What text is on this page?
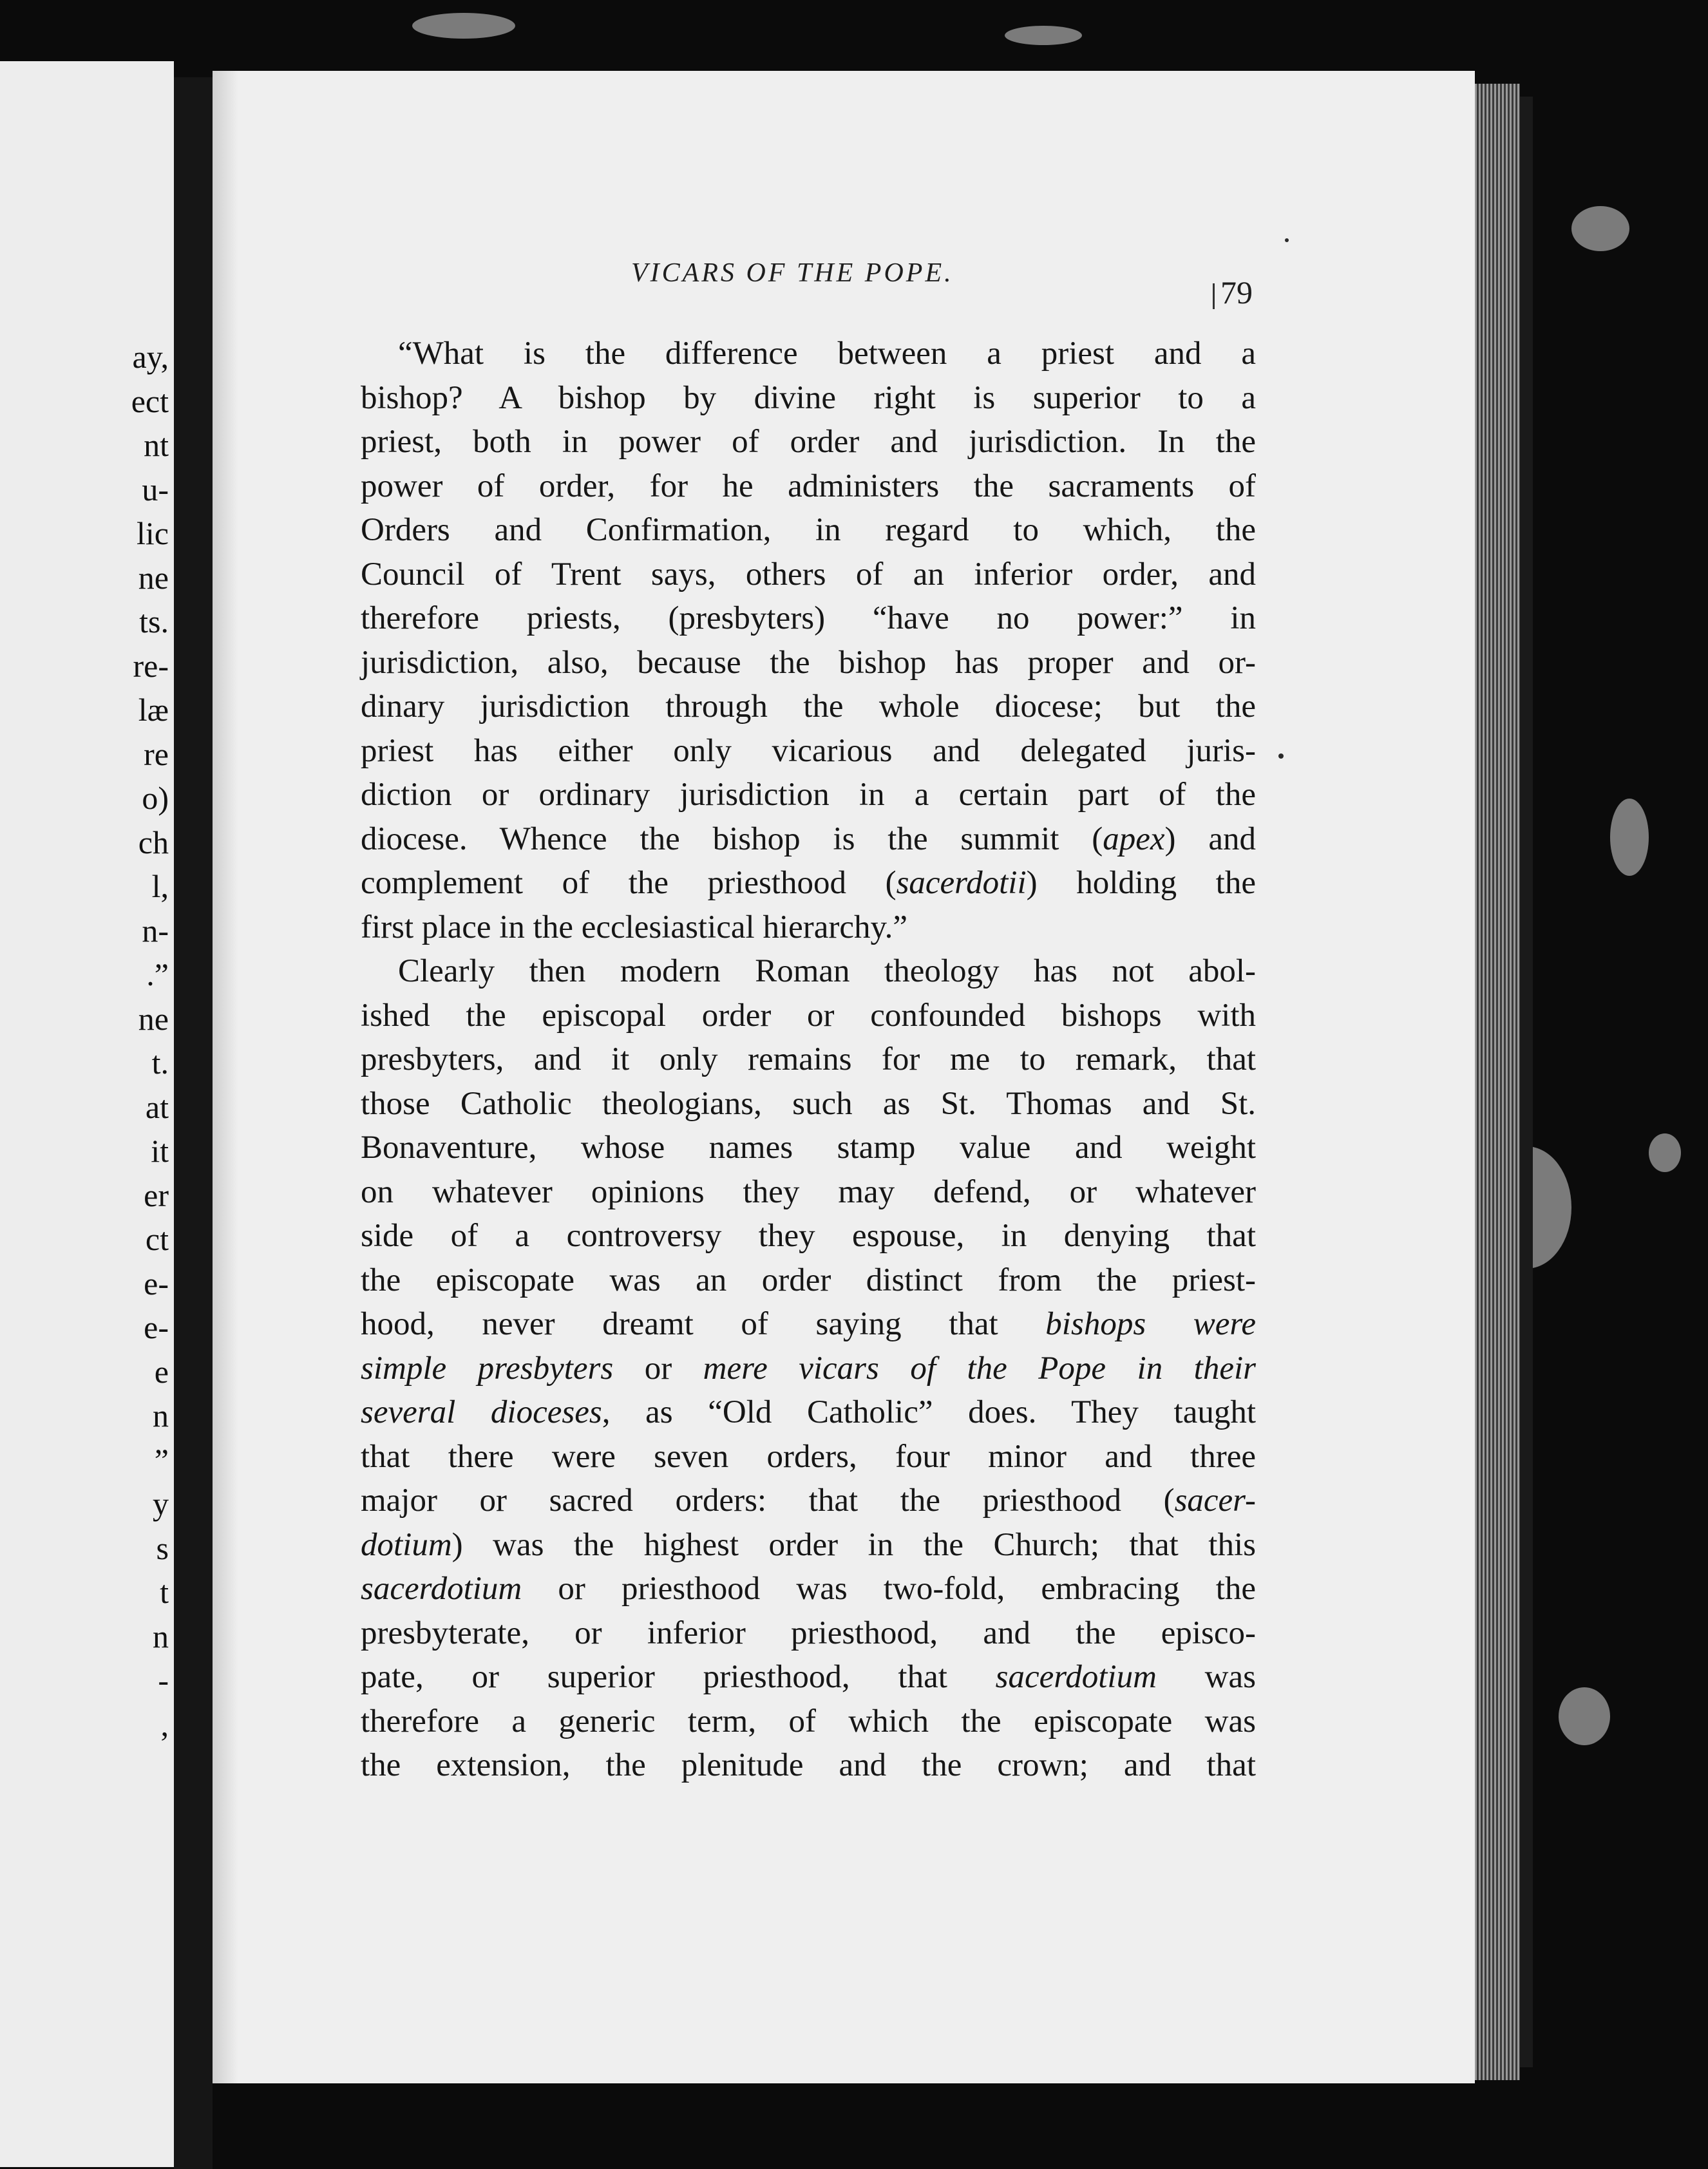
ay,
ect
nt
u-
lic
ne
ts.
re-
læ
re
o)
ch
l,
n-
.”
ne
t.
at
it
er
ct
e-
e-
e
n
”
y
s
t
n
-
,
VICARS OF THE POPE.
79
“What is the difference between a priest and a
bishop? A bishop by divine right is superior to a
priest, both in power of order and jurisdiction. In the
power of order, for he administers the sacraments of
Orders and Confirmation, in regard to which, the
Council of Trent says, others of an inferior order, and
therefore priests, (presbyters) “have no power:” in
jurisdiction, also, because the bishop has proper and or-
dinary jurisdiction through the whole diocese; but the
priest has either only vicarious and delegated juris-
diction or ordinary jurisdiction in a certain part of the
diocese. Whence the bishop is the summit (apex) and
complement of the priesthood (sacerdotii) holding the
first place in the ecclesiastical hierarchy.”
Clearly then modern Roman theology has not abol-
ished the episcopal order or confounded bishops with
presbyters, and it only remains for me to remark, that
those Catholic theologians, such as St. Thomas and St.
Bonaventure, whose names stamp value and weight
on whatever opinions they may defend, or whatever
side of a controversy they espouse, in denying that
the episcopate was an order distinct from the priest-
hood, never dreamt of saying that bishops were
simple presbyters or mere vicars of the Pope in their
several dioceses, as “Old Catholic” does. They taught
that there were seven orders, four minor and three
major or sacred orders: that the priesthood (sacer-
dotium) was the highest order in the Church; that this
sacerdotium or priesthood was two-fold, embracing the
presbyterate, or inferior priesthood, and the episco-
pate, or superior priesthood, that sacerdotium was
therefore a generic term, of which the episcopate was
the extension, the plenitude and the crown; and that
